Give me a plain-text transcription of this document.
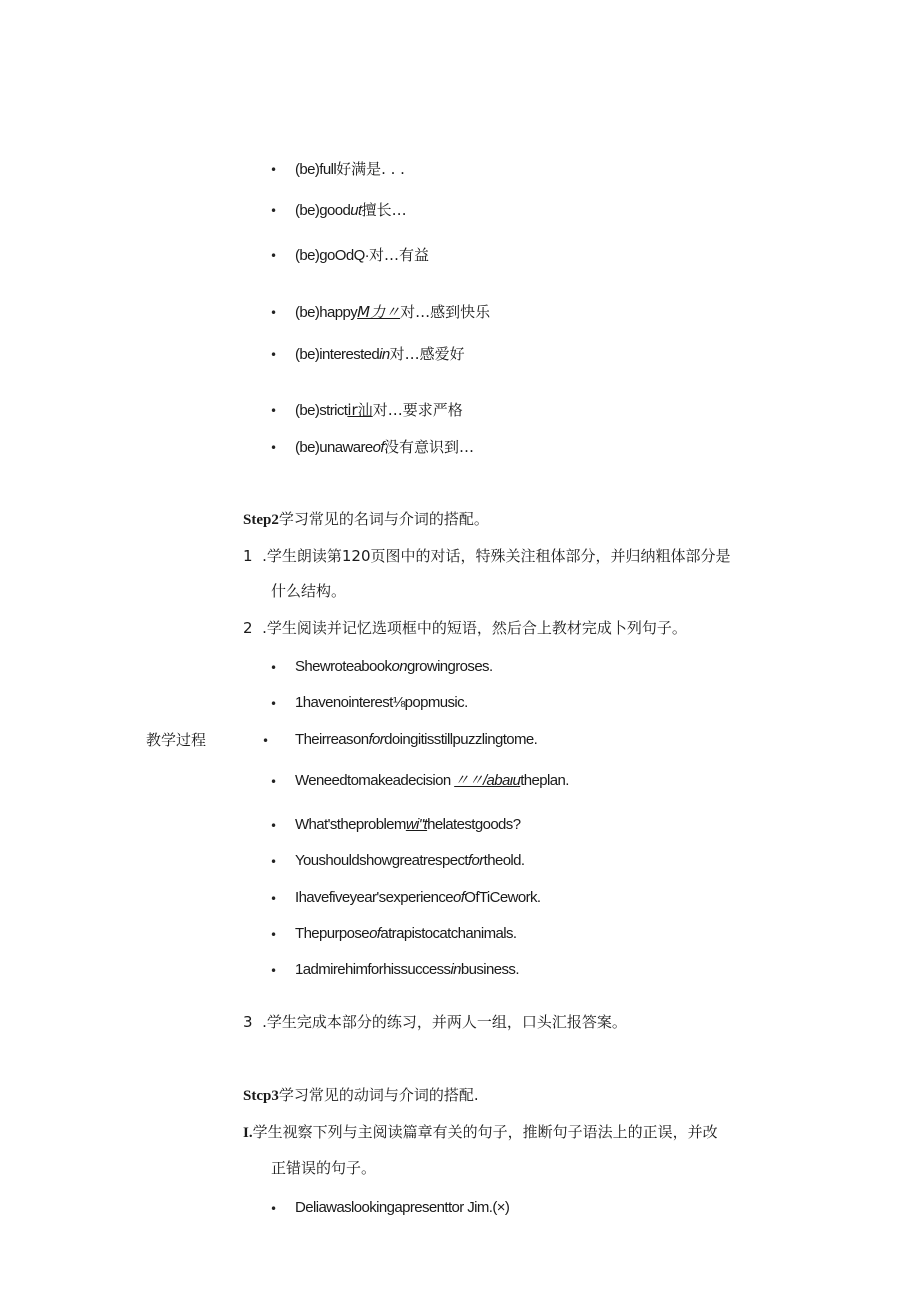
• (be)full好满是. . .
• (be)goodut擅长…
• (be)goOdQ·对…有益
• (be)happyM力〃对…感到快乐
• (be)interestedin对…感爱好
• (be)strictir汕对…要求严格
• (be)unawareof没有意识到…
Step2学习常见的名词与介词的搭配。
1 .学生朗读第120页图中的对话，特殊关注租体部分，并归纳粗体部分是
什么结构。
2 .学生阅读并记忆选项框中的短语，然后合上教材完成卜列句子。
• Shewroteabookongrowingroses.
• 1havenointerest⅛popmusic.
• Theirreasonfordoingitisstillpuzzlingtome.
• Weneedtomakeadecision 〃〃/abaιutheplan.
• What'stheproblemwi"thelatestgoods?
• Youshouldshowgreatrespectfortheold.
• Ihavefiveyear'sexperienceofOfTiCework.
• Thepurposeofatrapistocatchanimals.
• 1admirehimforhissuccessinbusiness.
3 .学生完成本部分的练习，并两人一组，口头汇报答案。
教学过程
Stcp3学习常见的动词与介词的搭配.
I.学生视察下列与主阅读篇章有关的句子，推断句子语法上的正误，并改
正错误的句子。
• Deliawaslookingapresenttor Jim.(×)
